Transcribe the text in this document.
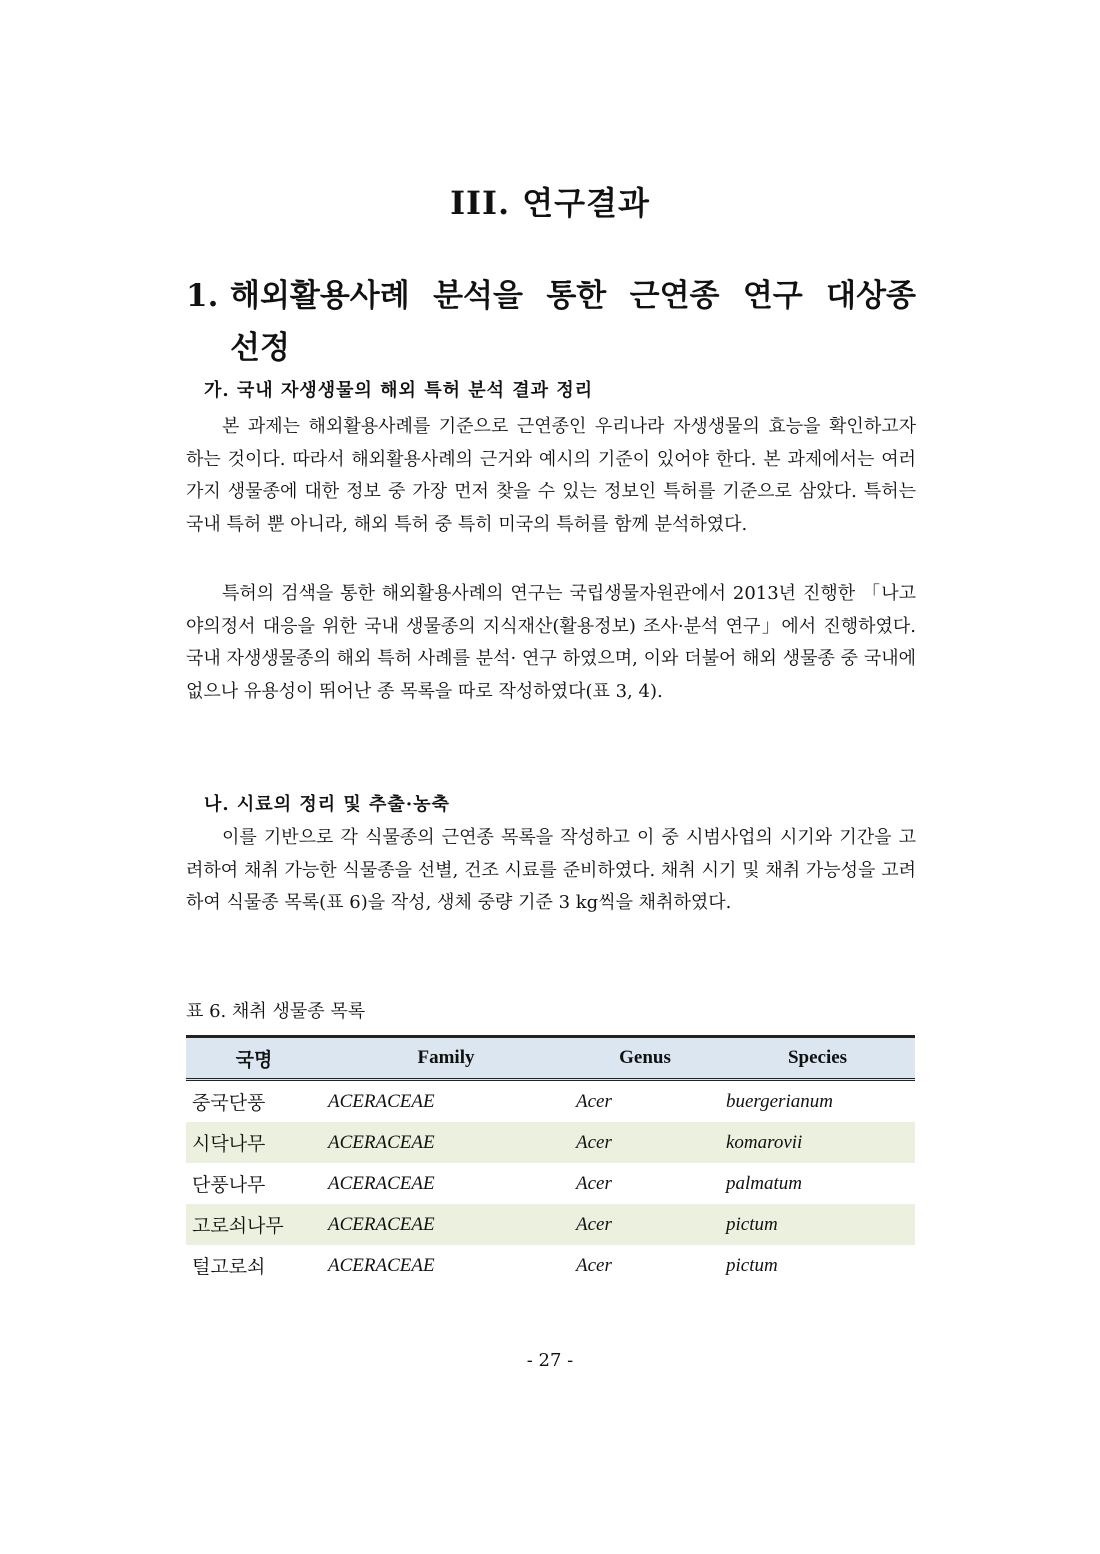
III. 연구결과
1. 해외활용사례 분석을 통한 근연종 연구 대상종
선정
가. 국내 자생생물의 해외 특허 분석 결과 정리

본 과제는 해외활용사례를 기준으로 근연종인 우리나라 자생생물의 효능을 확인하고자 하는 것이다. 따라서 해외활용사례의 근거와 예시의 기준이 있어야 한다. 본 과제에서는 여러 가지 생물종에 대한 정보 중 가장 먼저 찾을 수 있는 정보인 특허를 기준으로 삼았다. 특허는 국내 특허 뿐 아니라, 해외 특허 중 특히 미국의 특허를 함께 분석하였다.

특허의 검색을 통한 해외활용사례의 연구는 국립생물자원관에서 2013년 진행한 「나고야의정서 대응을 위한 국내 생물종의 지식재산(활용정보) 조사·분석 연구」에서 진행하였다. 국내 자생생물종의 해외 특허 사례를 분석· 연구 하였으며, 이와 더불어 해외 생물종 중 국내에 없으나 유용성이 뛰어난 종 목록을 따로 작성하였다(표 3, 4).

나. 시료의 정리 및 추출·농축

이를 기반으로 각 식물종의 근연종 목록을 작성하고 이 중 시범사업의 시기와 기간을 고려하여 채취 가능한 식물종을 선별, 건조 시료를 준비하였다. 채취 시기 및 채취 가능성을 고려하여 식물종 목록(표 6)을 작성, 생체 중량 기준 3 kg씩을 채취하였다.

표 6. 채취 생물종 목록

국명	Family	Genus	Species
중국단풍	ACERACEAE	Acer	buergerianum
시닥나무	ACERACEAE	Acer	komarovii
단풍나무	ACERACEAE	Acer	palmatum
고로쇠나무	ACERACEAE	Acer	pictum
털고로쇠	ACERACEAE	Acer	pictum

- 27 -
